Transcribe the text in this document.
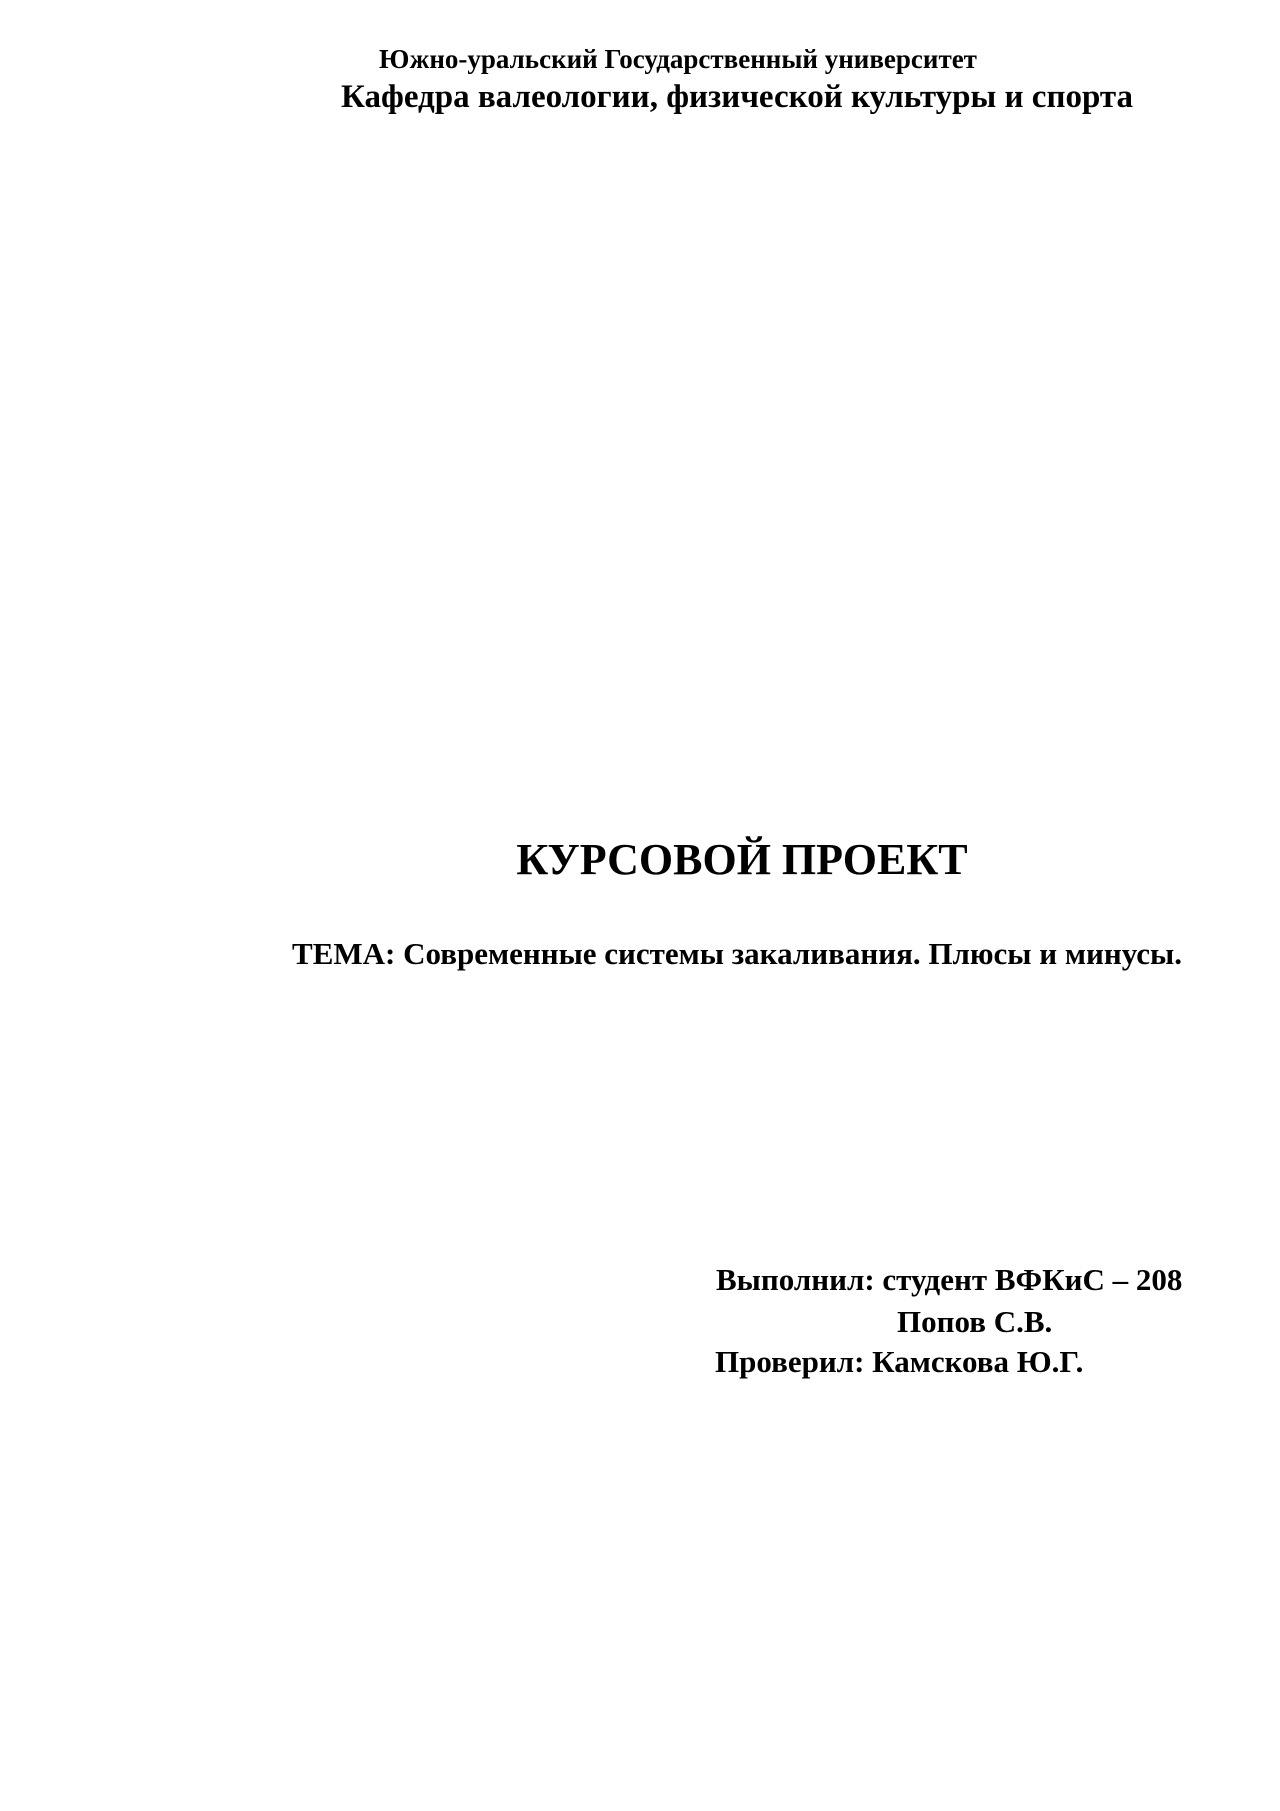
Южно-уральский Государственный университет
Кафедра валеологии, физической культуры и спорта
КУРСОВОЙ ПРОЕКТ
ТЕМА: Современные системы закаливания. Плюсы и минусы.
Выполнил: студент ВФКиС – 208
Попов С.В.
Проверил: Камскова Ю.Г.
